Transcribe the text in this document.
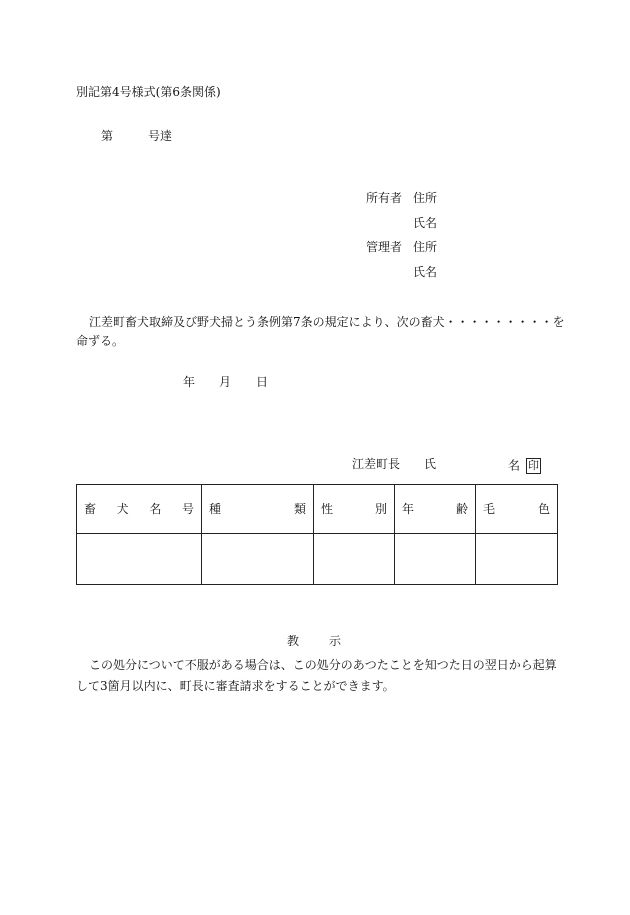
別記第4号様式(第6条関係)
第	号達
所有者 住所
氏名
管理者 住所
氏名
江差町畜犬取締及び野犬掃とう条例第7条の規定により、次の畜犬・・・・・・・・・を
命ずる。
年 月 日
江差町長 氏	名 印
畜 犬 名 号	種 類	性 別	年 齢	毛 色

教 示
この処分について不服がある場合は、この処分のあつたことを知つた日の翌日から起算
して3箇月以内に、町長に審査請求をすることができます。
